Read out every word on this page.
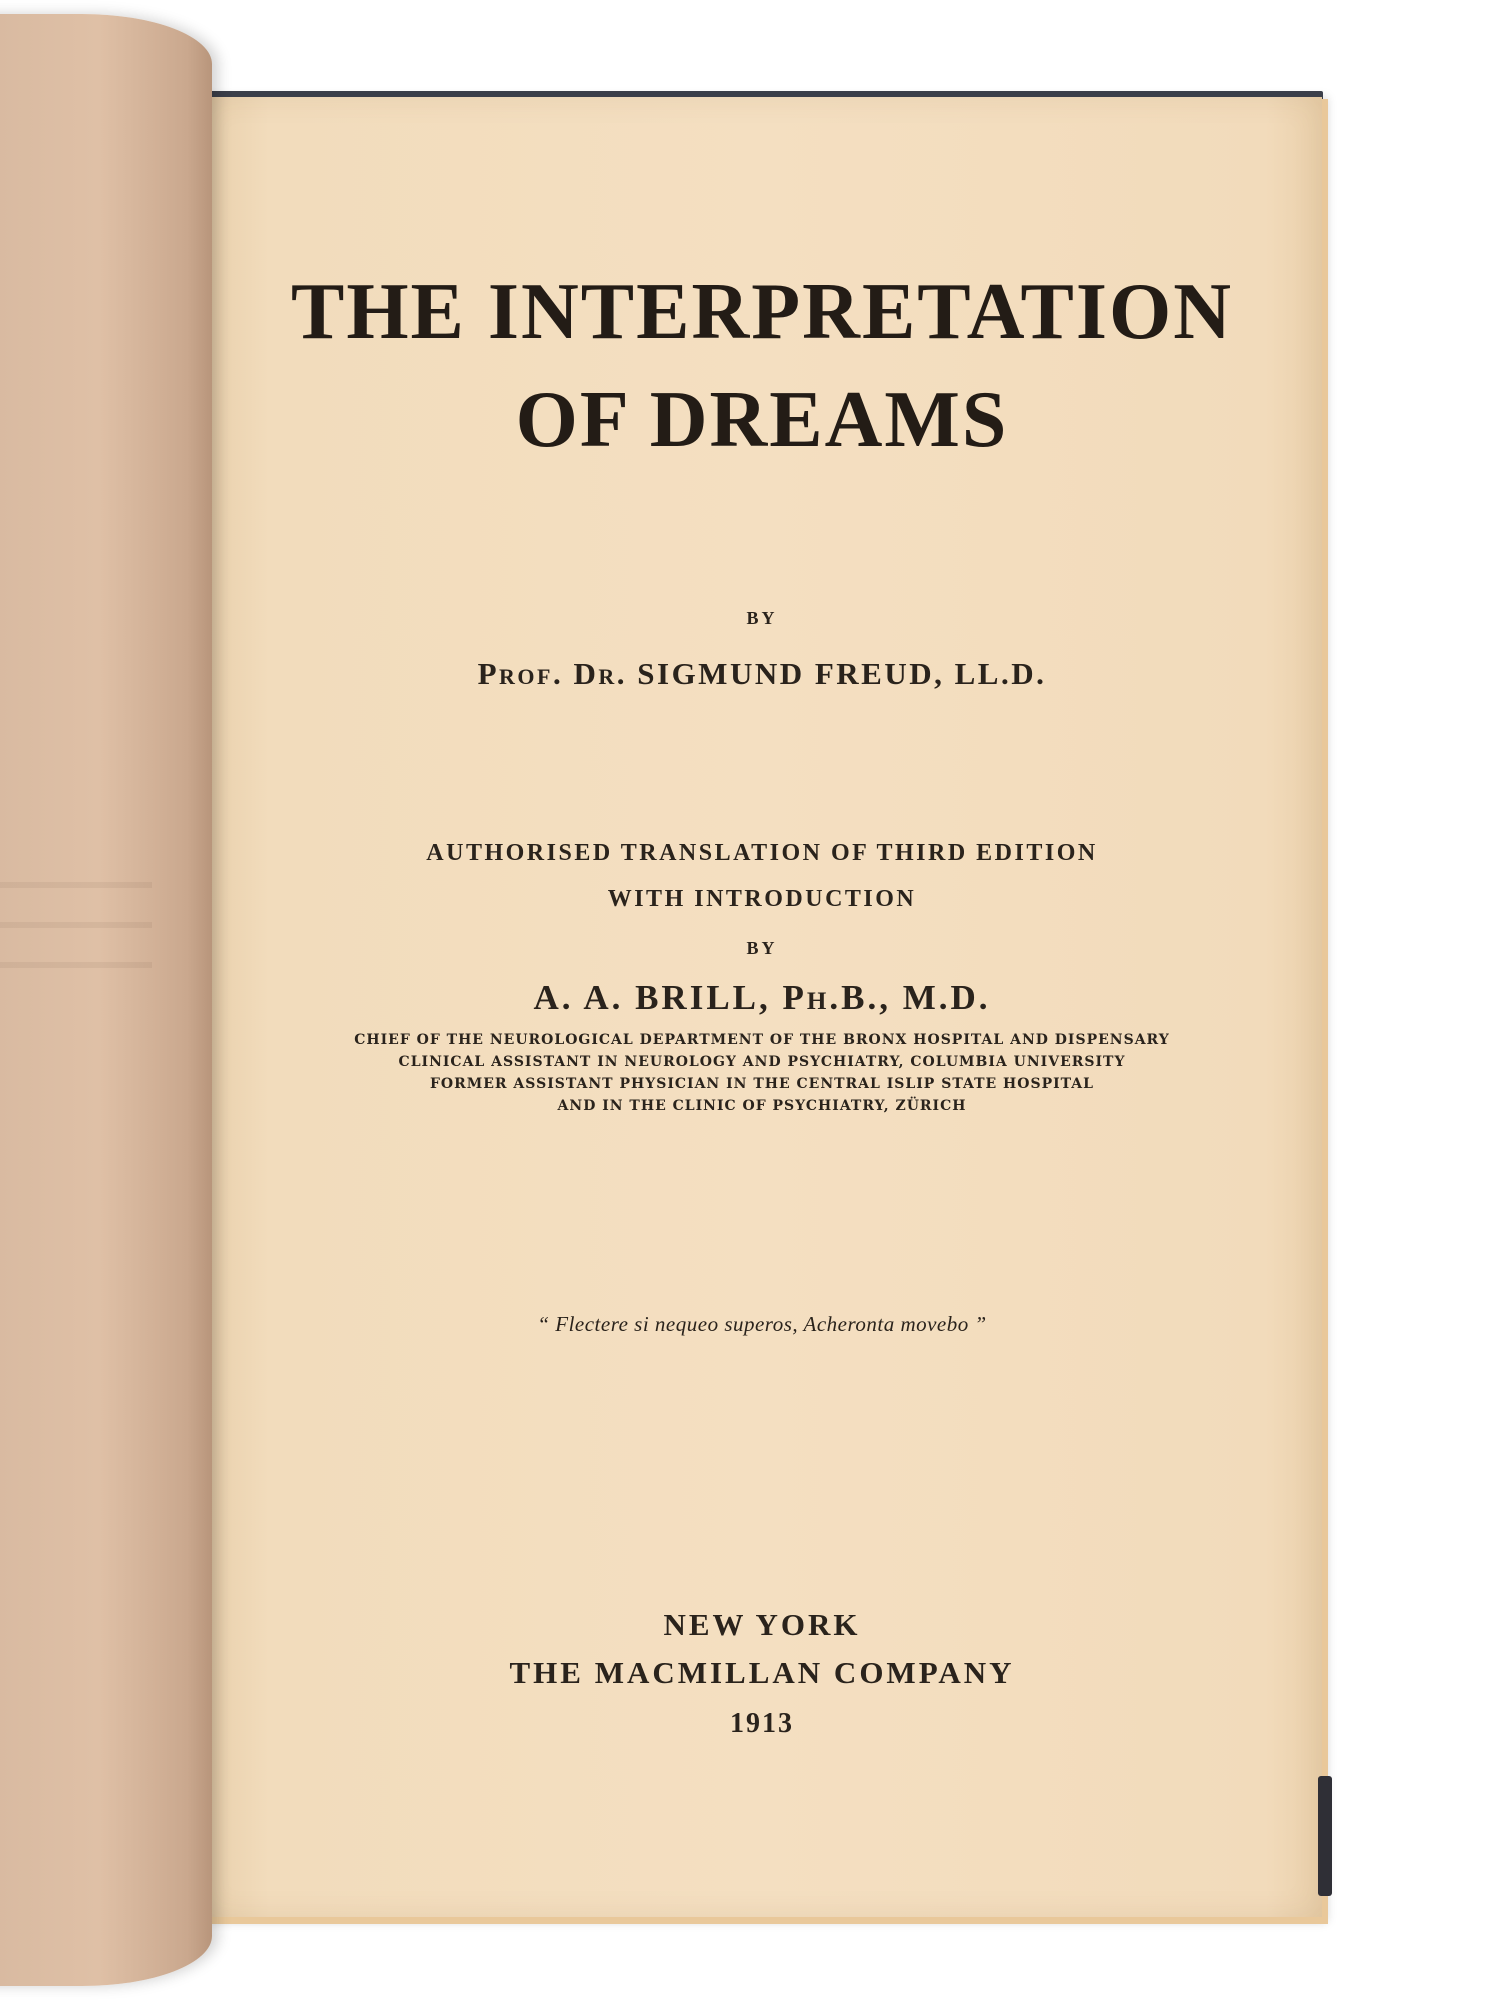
THE INTERPRETATION
OF DREAMS
BY
Prof. Dr. SIGMUND FREUD, LL.D.
AUTHORISED TRANSLATION OF THIRD EDITION
WITH INTRODUCTION
BY
A. A. BRILL, Ph.B., M.D.
CHIEF OF THE NEUROLOGICAL DEPARTMENT OF THE BRONX HOSPITAL AND DISPENSARY
CLINICAL ASSISTANT IN NEUROLOGY AND PSYCHIATRY, COLUMBIA UNIVERSITY
FORMER ASSISTANT PHYSICIAN IN THE CENTRAL ISLIP STATE HOSPITAL
AND IN THE CLINIC OF PSYCHIATRY, ZÜRICH
“ Flectere si nequeo superos, Acheronta movebo ”
NEW YORK
THE MACMILLAN COMPANY
1913
